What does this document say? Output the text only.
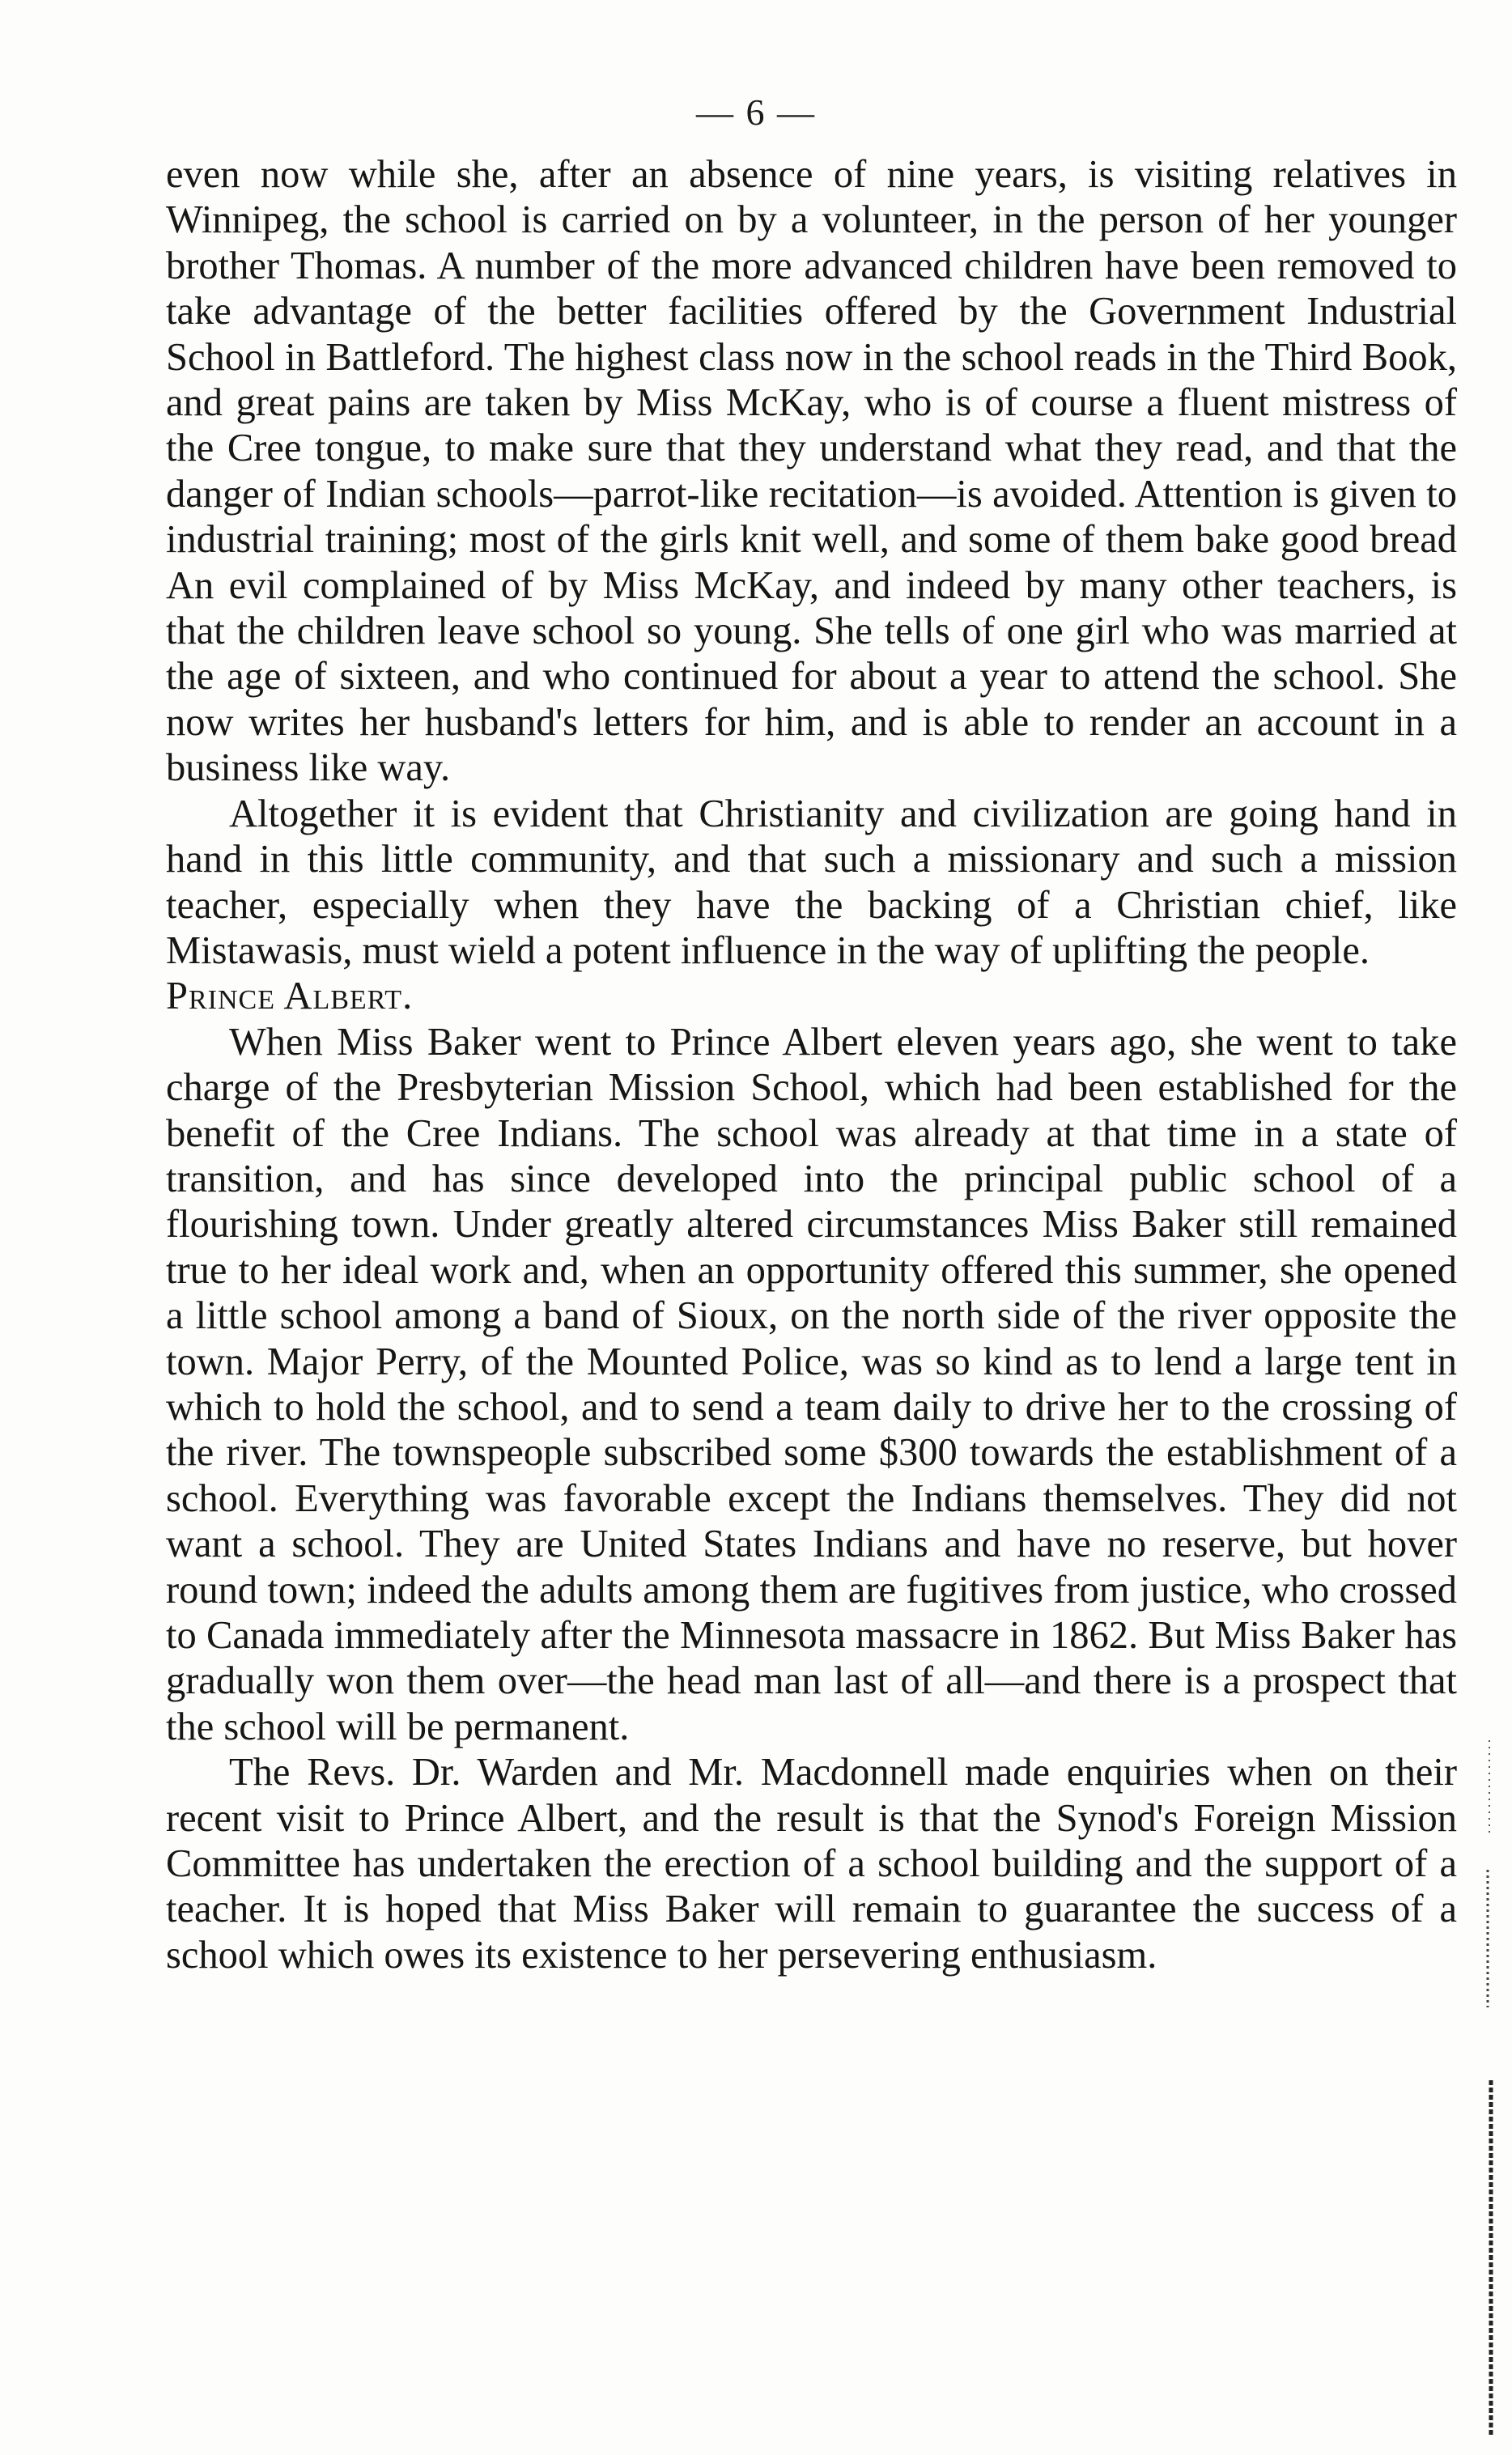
— 6 —

even now while she, after an absence of nine years, is visiting relatives in Winnipeg, the school is carried on by a volunteer, in the person of her younger brother Thomas. A number of the more advanced children have been removed to take advantage of the better facilities offered by the Government Industrial School in Battleford. The highest class now in the school reads in the Third Book, and great pains are taken by Miss McKay, who is of course a fluent mistress of the Cree tongue, to make sure that they understand what they read, and that the danger of Indian schools—parrot-like recitation—is avoided. Attention is given to industrial training; most of the girls knit well, and some of them bake good bread An evil complained of by Miss McKay, and indeed by many other teachers, is that the children leave school so young. She tells of one girl who was married at the age of sixteen, and who continued for about a year to attend the school. She now writes her husband's letters for him, and is able to render an account in a business like way.

Altogether it is evident that Christianity and civilization are going hand in hand in this little community, and that such a missionary and such a mission teacher, especially when they have the backing of a Christian chief, like Mistawasis, must wield a potent influence in the way of uplifting the people.

Prince Albert.

When Miss Baker went to Prince Albert eleven years ago, she went to take charge of the Presbyterian Mission School, which had been established for the benefit of the Cree Indians. The school was already at that time in a state of transition, and has since developed into the principal public school of a flourishing town. Under greatly altered circumstances Miss Baker still remained true to her ideal work and, when an opportunity offered this summer, she opened a little school among a band of Sioux, on the north side of the river opposite the town. Major Perry, of the Mounted Police, was so kind as to lend a large tent in which to hold the school, and to send a team daily to drive her to the crossing of the river. The townspeople subscribed some $300 towards the establishment of a school. Everything was favorable except the Indians themselves. They did not want a school. They are United States Indians and have no reserve, but hover round town; indeed the adults among them are fugitives from justice, who crossed to Canada immediately after the Minnesota massacre in 1862. But Miss Baker has gradually won them over—the head man last of all—and there is a prospect that the school will be permanent.

The Revs. Dr. Warden and Mr. Macdonnell made enquiries when on their recent visit to Prince Albert, and the result is that the Synod's Foreign Mission Committee has undertaken the erection of a school building and the support of a teacher. It is hoped that Miss Baker will remain to guarantee the success of a school which owes its existence to her persevering enthusiasm.
